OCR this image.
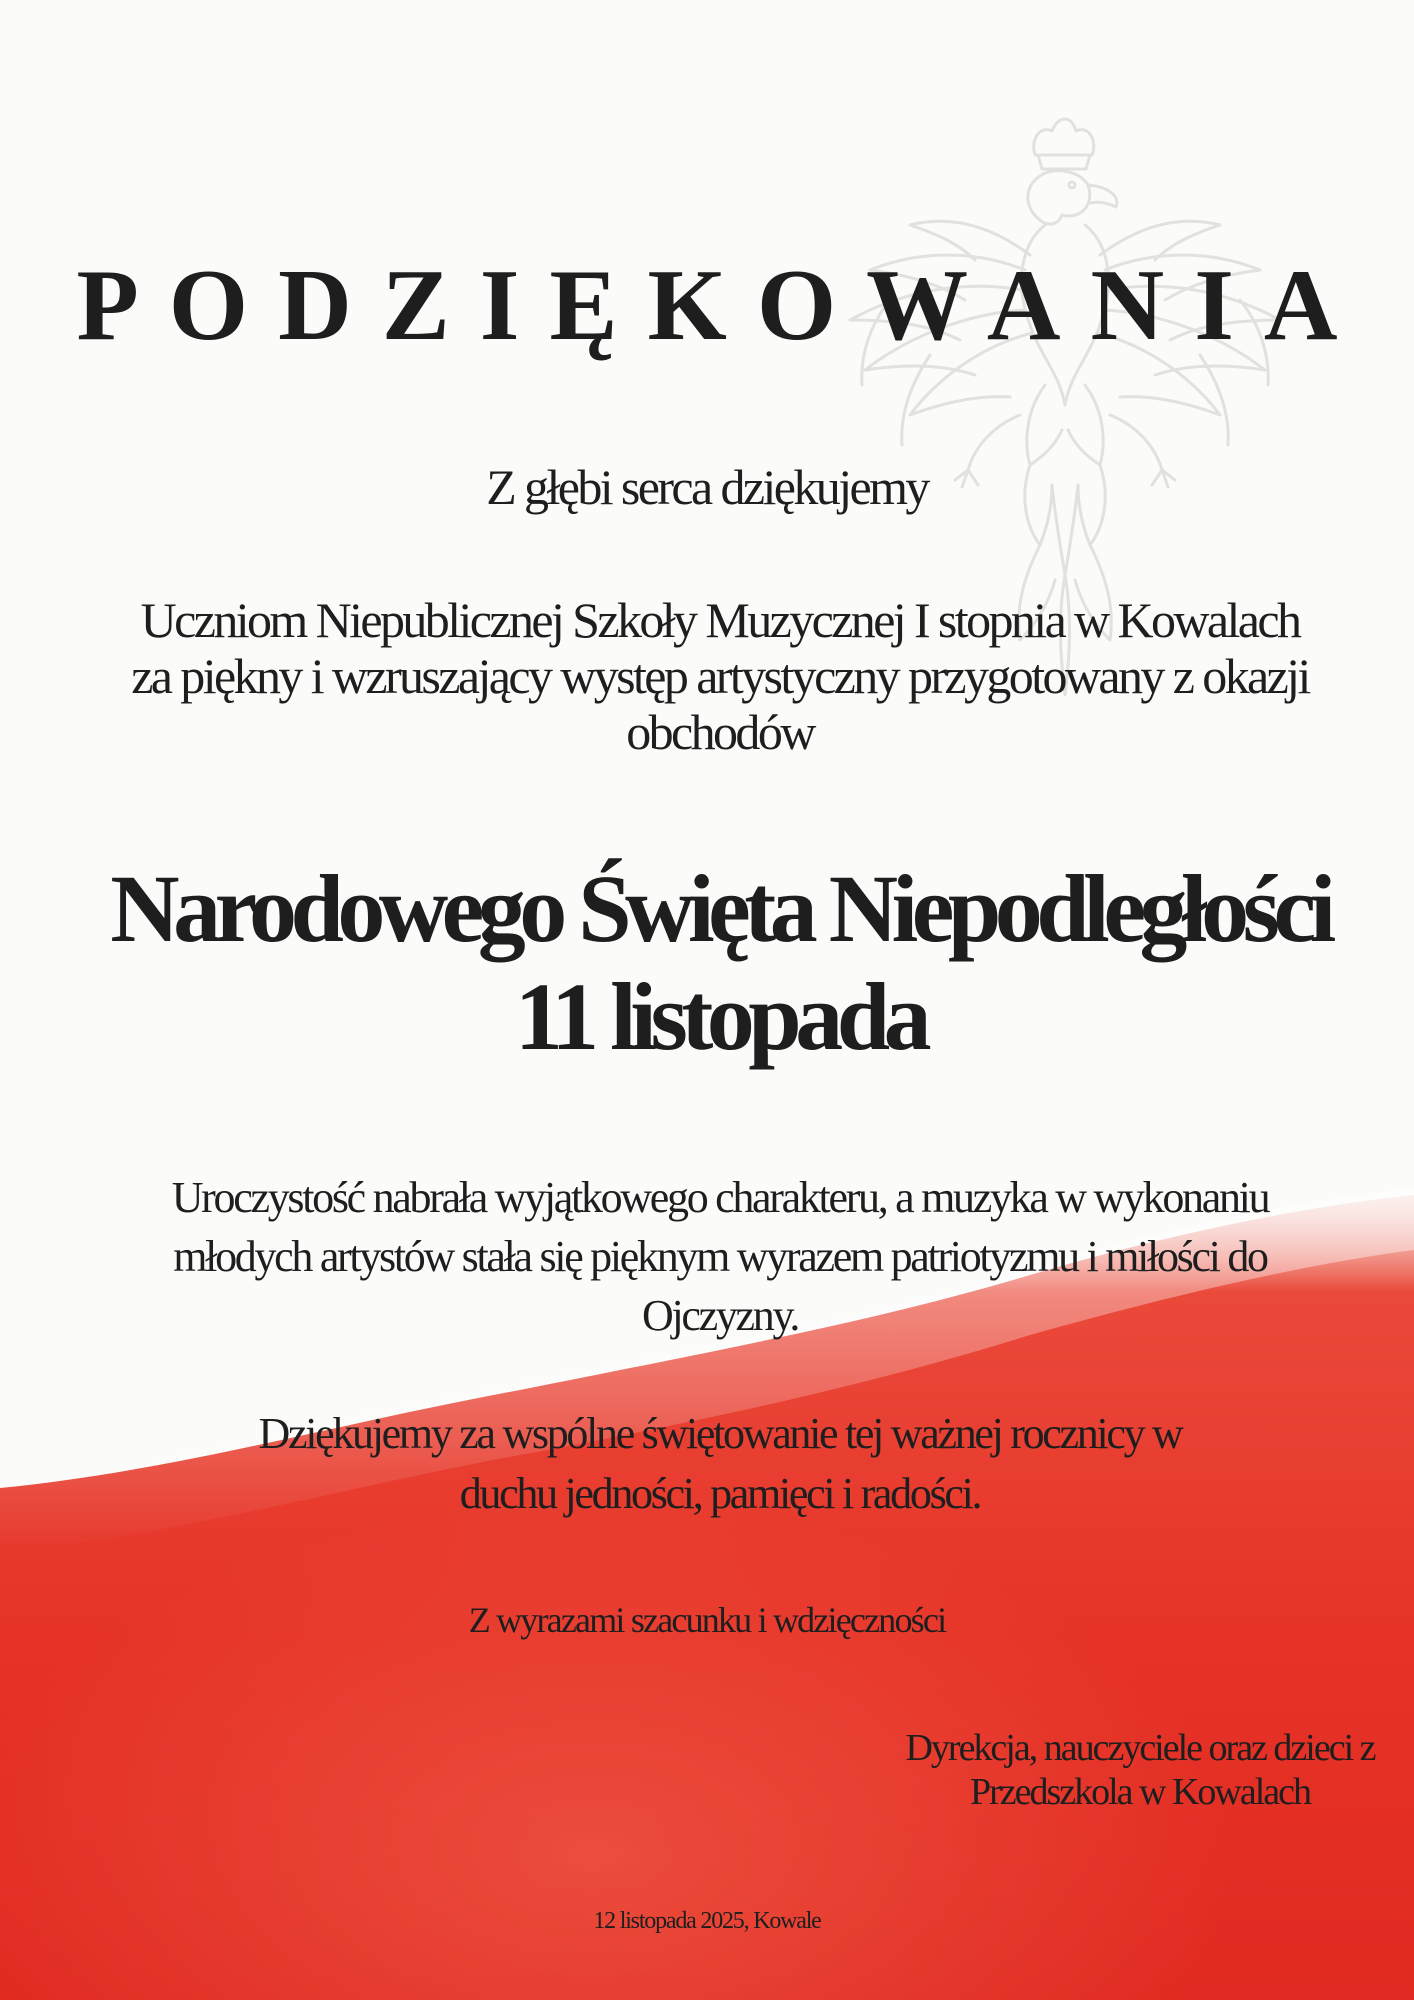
PODZIĘKOWANIA

Z głębi serca dziękujemy

Uczniom Niepublicznej Szkoły Muzycznej I stopnia w Kowalach za piękny i wzruszający występ artystyczny przygotowany z okazji obchodów

Narodowego Święta Niepodległości
11 listopada

Uroczystość nabrała wyjątkowego charakteru, a muzyka w wykonaniu młodych artystów stała się pięknym wyrazem patriotyzmu i miłości do Ojczyzny.

Dziękujemy za wspólne świętowanie tej ważnej rocznicy w duchu jedności, pamięci i radości.

Z wyrazami szacunku i wdzięczności

Dyrekcja, nauczyciele oraz dzieci z
Przedszkola w Kowalach

12 listopada 2025, Kowale
